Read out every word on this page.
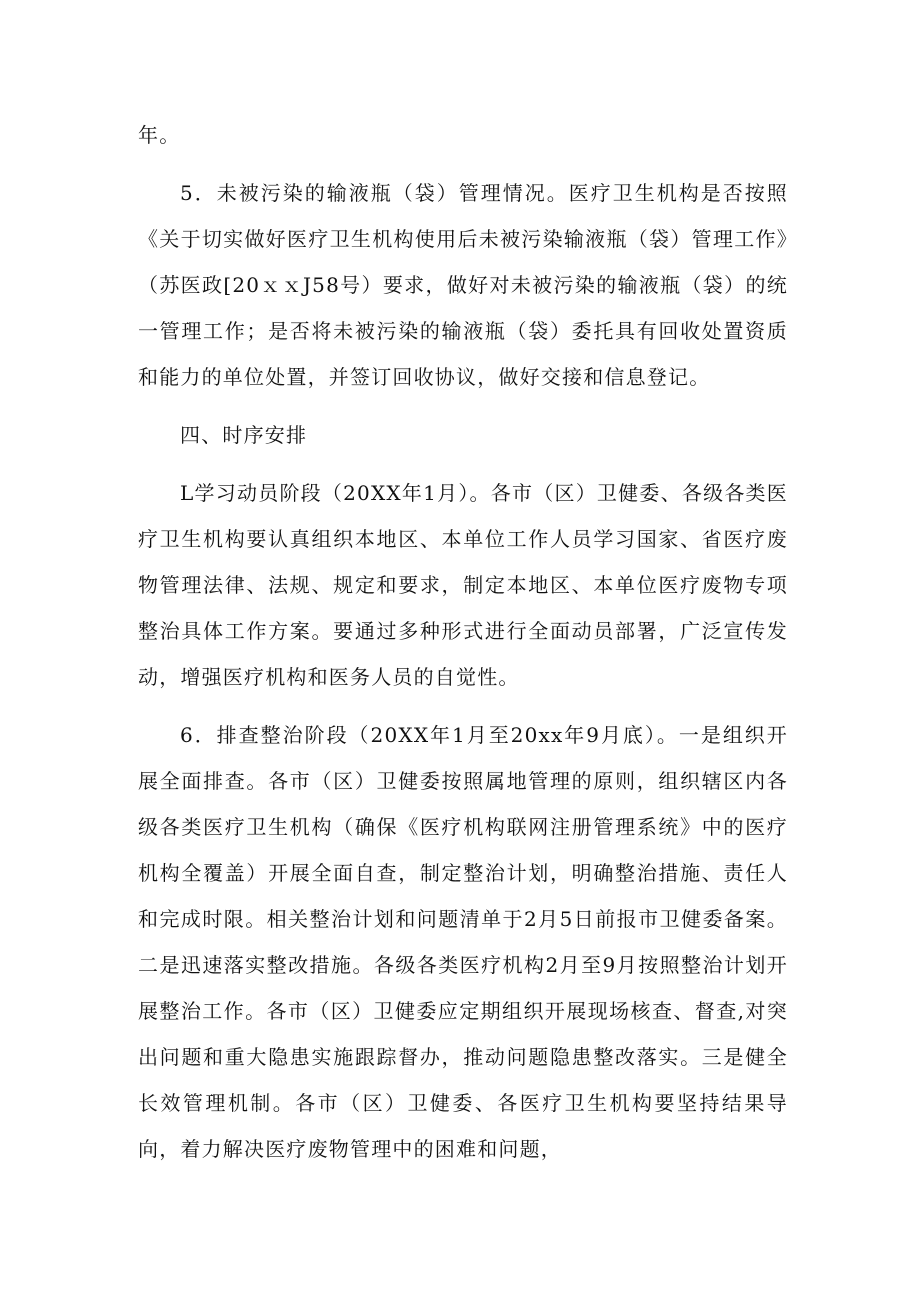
年。

5．未被污染的输液瓶（袋）管理情况。医疗卫生机构是否按照《关于切实做好医疗卫生机构使用后未被污染输液瓶（袋）管理工作》（苏医政[20ｘｘJ58号）要求，做好对未被污染的输液瓶（袋）的统一管理工作；是否将未被污染的输液瓶（袋）委托具有回收处置资质和能力的单位处置，并签订回收协议，做好交接和信息登记。

四、时序安排

L学习动员阶段（20XX年1月）。各市（区）卫健委、各级各类医疗卫生机构要认真组织本地区、本单位工作人员学习国家、省医疗废物管理法律、法规、规定和要求，制定本地区、本单位医疗废物专项整治具体工作方案。要通过多种形式进行全面动员部署，广泛宣传发动，增强医疗机构和医务人员的自觉性。

6．排查整治阶段（20XX年1月至20xx年9月底）。一是组织开展全面排查。各市（区）卫健委按照属地管理的原则，组织辖区内各级各类医疗卫生机构（确保《医疗机构联网注册管理系统》中的医疗机构全覆盖）开展全面自查，制定整治计划，明确整治措施、责任人和完成时限。相关整治计划和问题清单于2月5日前报市卫健委备案。二是迅速落实整改措施。各级各类医疗机构2月至9月按照整治计划开展整治工作。各市（区）卫健委应定期组织开展现场核查、督查,对突出问题和重大隐患实施跟踪督办，推动问题隐患整改落实。三是健全长效管理机制。各市（区）卫健委、各医疗卫生机构要坚持结果导向，着力解决医疗废物管理中的困难和问题，
